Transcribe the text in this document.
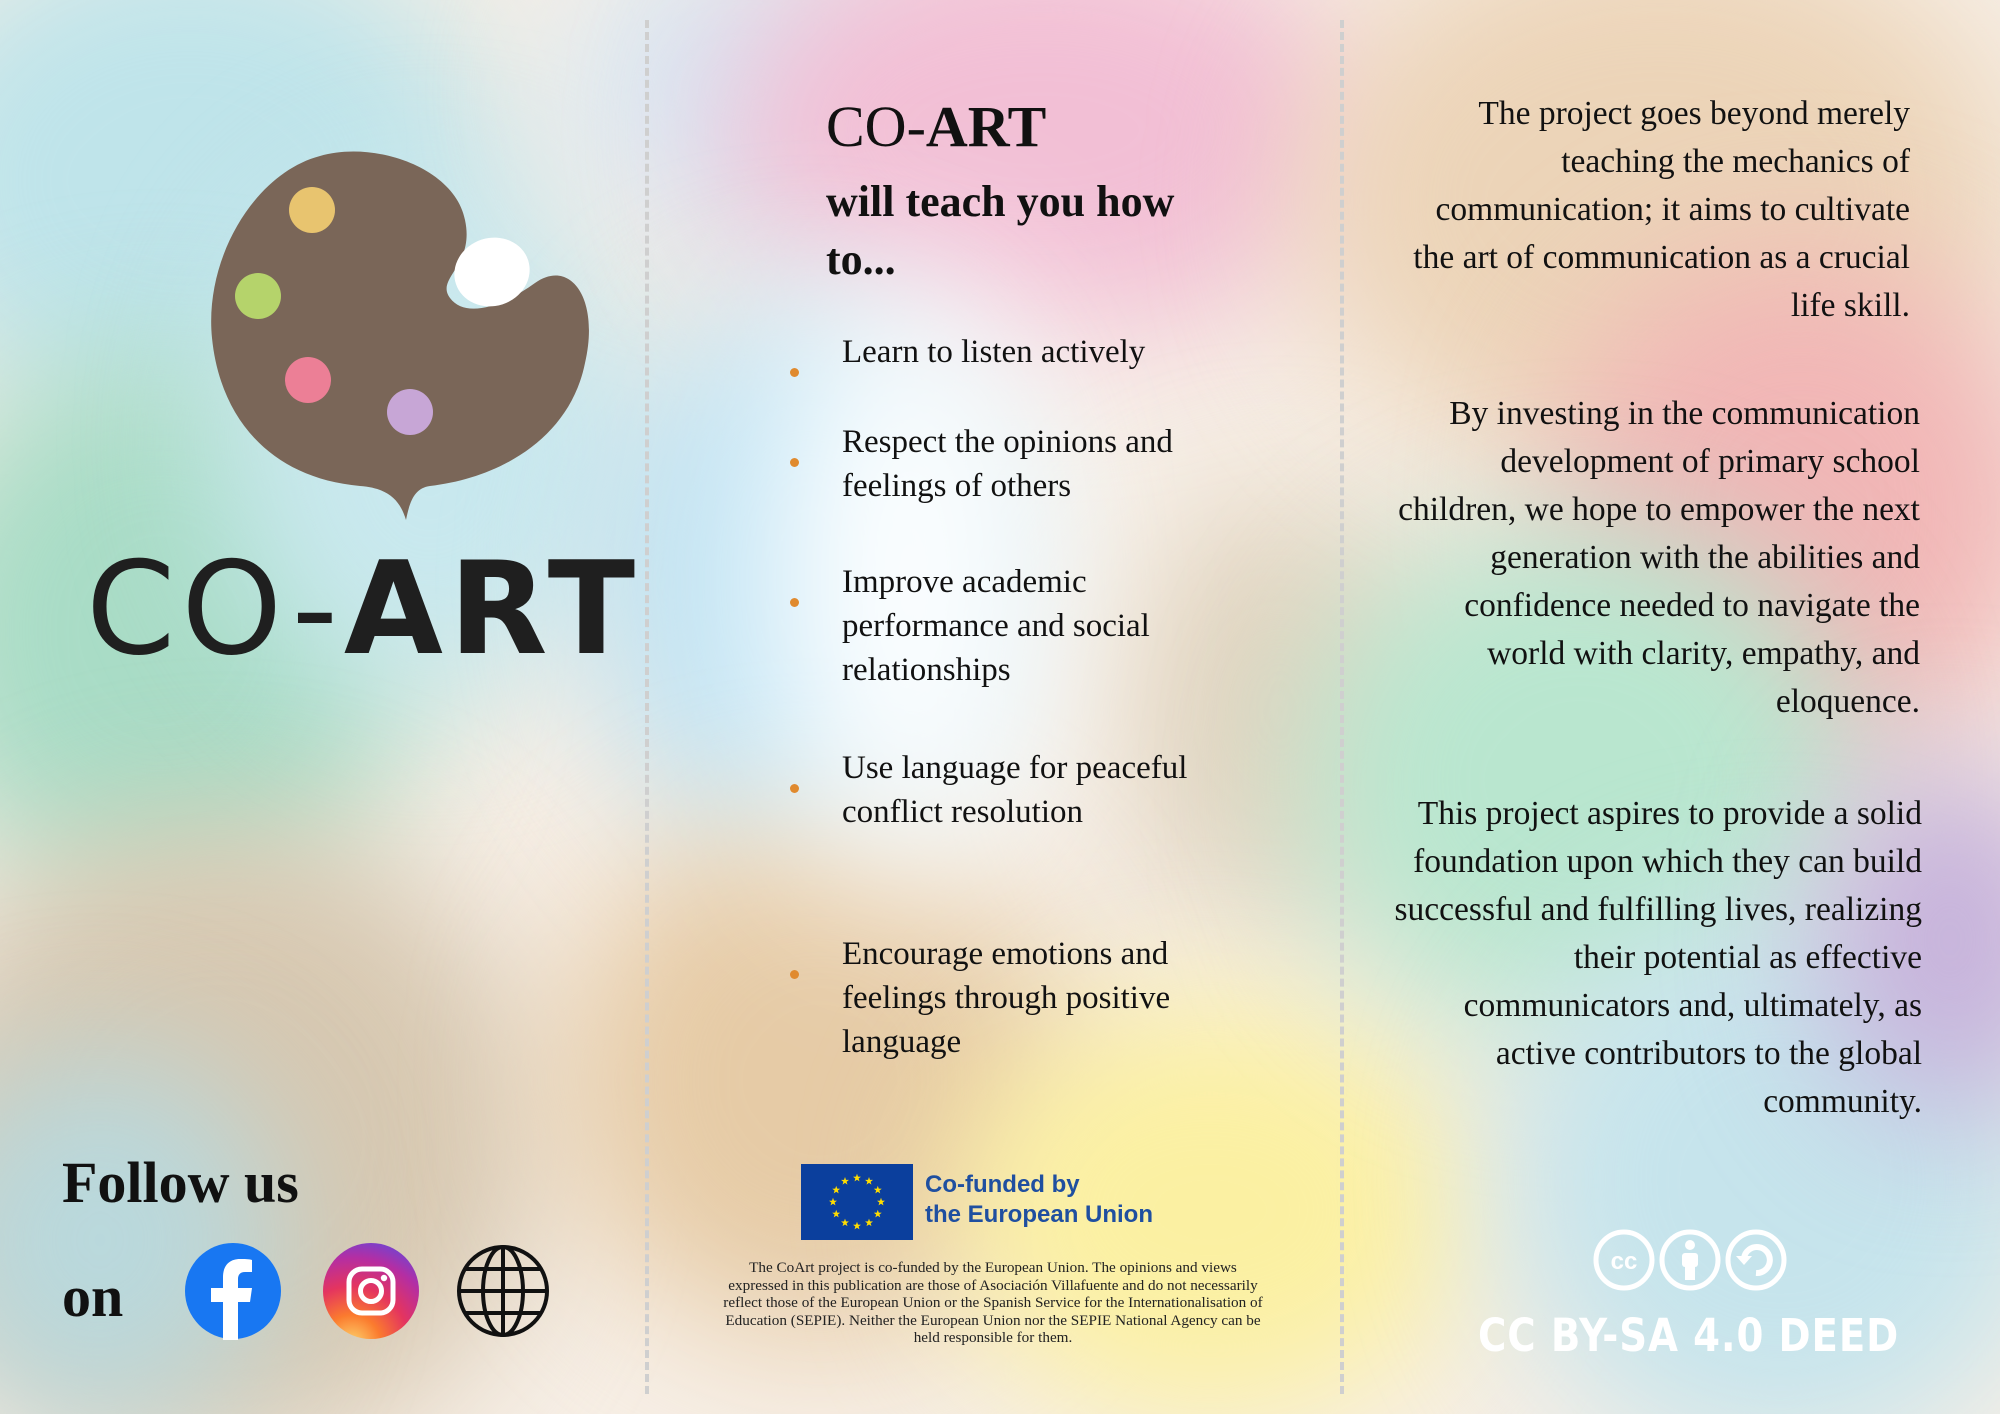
CO-ART
Follow us
on
CO-ART
will teach you how to...
Learn to listen actively
Respect the opinions and feelings of others
Improve academic performance and social relationships
Use language for peaceful conflict resolution
Encourage emotions and feelings through positive language
Co-funded by
the European Union
The CoArt project is co-funded by the European Union. The opinions and views expressed in this publication are those of Asociación Villafuente and do not necessarily reflect those of the European Union or the Spanish Service for the Internationalisation of Education (SEPIE). Neither the European Union nor the SEPIE National Agency can be held responsible for them.
The project goes beyond merely teaching the mechanics of communication; it aims to cultivate the art of communication as a crucial life skill.
By investing in the communication development of primary school children, we hope to empower the next generation with the abilities and confidence needed to navigate the world with clarity, empathy, and eloquence.
This project aspires to provide a solid foundation upon which they can build successful and fulfilling lives, realizing their potential as effective communicators and, ultimately, as active contributors to the global community.
cc
CC BY-SA 4.0 DEED
